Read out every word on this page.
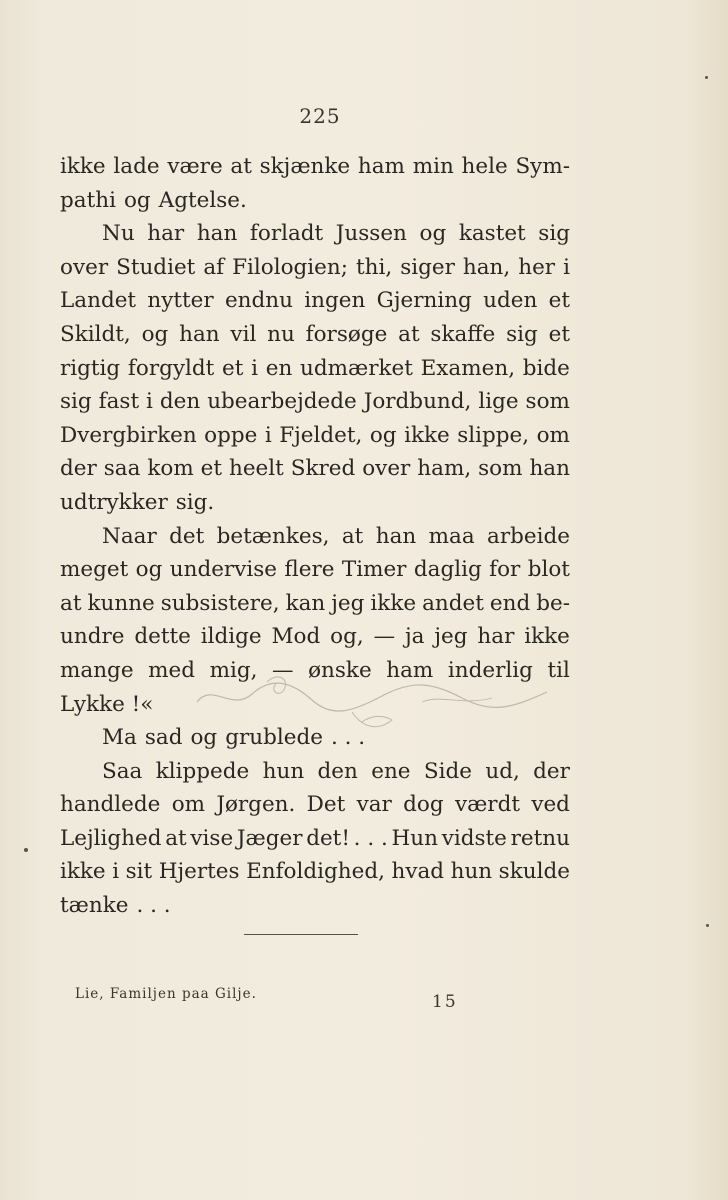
225
ikke lade være at skjænke ham min hele Sym-
pathi og Agtelse.
Nu har han forladt Jussen og kastet sig
over Studiet af Filologien; thi, siger han, her i
Landet nytter endnu ingen Gjerning uden et
Skildt, og han vil nu forsøge at skaffe sig et
rigtig forgyldt et i en udmærket Examen, bide
sig fast i den ubearbejdede Jordbund, lige som
Dvergbirken oppe i Fjeldet, og ikke slippe, om
der saa kom et heelt Skred over ham, som han
udtrykker sig.
Naar det betænkes, at han maa arbeide
meget og undervise flere Timer daglig for blot
at kunne subsistere, kan jeg ikke andet end be-
undre dette ildige Mod og, — ja jeg har ikke
mange med mig, — ønske ham inderlig til
Lykke !«
Ma sad og grublede . . .
Saa klippede hun den ene Side ud, der
handlede om Jørgen. Det var dog værdt ved
Lejlighed at vise Jæger det! . . . Hun vidste retnu
ikke i sit Hjertes Enfoldighed, hvad hun skulde
tænke . . .
Lie, Familjen paa Gilje.	15
